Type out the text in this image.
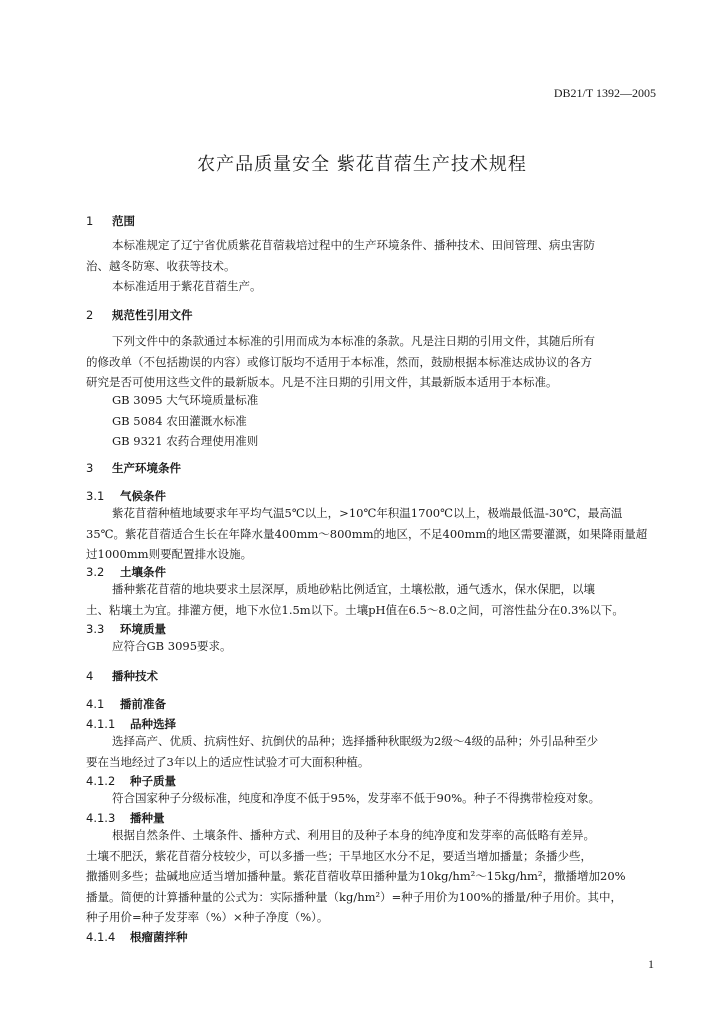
DB21/T 1392—2005
农产品质量安全 紫花苜蓿生产技术规程
1 范围
本标准规定了辽宁省优质紫花苜蓿栽培过程中的生产环境条件、播种技术、田间管理、病虫害防
治、越冬防寒、收获等技术。
本标准适用于紫花苜蓿生产。
2 规范性引用文件
下列文件中的条款通过本标准的引用而成为本标准的条款。凡是注日期的引用文件，其随后所有
的修改单（不包括勘误的内容）或修订版均不适用于本标准，然而，鼓励根据本标准达成协议的各方
研究是否可使用这些文件的最新版本。凡是不注日期的引用文件，其最新版本适用于本标准。
GB 3095 大气环境质量标准
GB 5084 农田灌溉水标准
GB 9321 农药合理使用准则
3 生产环境条件
3.1 气候条件
紫花苜蓿种植地域要求年平均气温5℃以上，>10℃年积温1700℃以上，极端最低温-30℃，最高温
35℃。紫花苜蓿适合生长在年降水量400mm～800mm的地区，不足400mm的地区需要灌溉，如果降雨量超
过1000mm则要配置排水设施。
3.2 土壤条件
播种紫花苜蓿的地块要求土层深厚，质地砂粘比例适宜，土壤松散，通气透水，保水保肥，以壤
土、粘壤土为宜。排灌方便，地下水位1.5m以下。土壤pH值在6.5～8.0之间，可溶性盐分在0.3%以下。
3.3 环境质量
应符合GB 3095要求。
4 播种技术
4.1 播前准备
4.1.1 品种选择
选择高产、优质、抗病性好、抗倒伏的品种；选择播种秋眠级为2级～4级的品种；外引品种至少
要在当地经过了3年以上的适应性试验才可大面积种植。
4.1.2 种子质量
符合国家种子分级标准，纯度和净度不低于95%，发芽率不低于90%。种子不得携带检疫对象。
4.1.3 播种量
根据自然条件、土壤条件、播种方式、利用目的及种子本身的纯净度和发芽率的高低略有差异。
土壤不肥沃，紫花苜蓿分枝较少，可以多播一些；干旱地区水分不足，要适当增加播量；条播少些，
撒播则多些；盐碱地应适当增加播种量。紫花苜蓿收草田播种量为10kg/hm²～15kg/hm²，撒播增加20%
播量。简便的计算播种量的公式为：实际播种量（kg/hm²）=种子用价为100%的播量/种子用价。其中，
种子用价=种子发芽率（%）×种子净度（%）。
4.1.4 根瘤菌拌种
1
